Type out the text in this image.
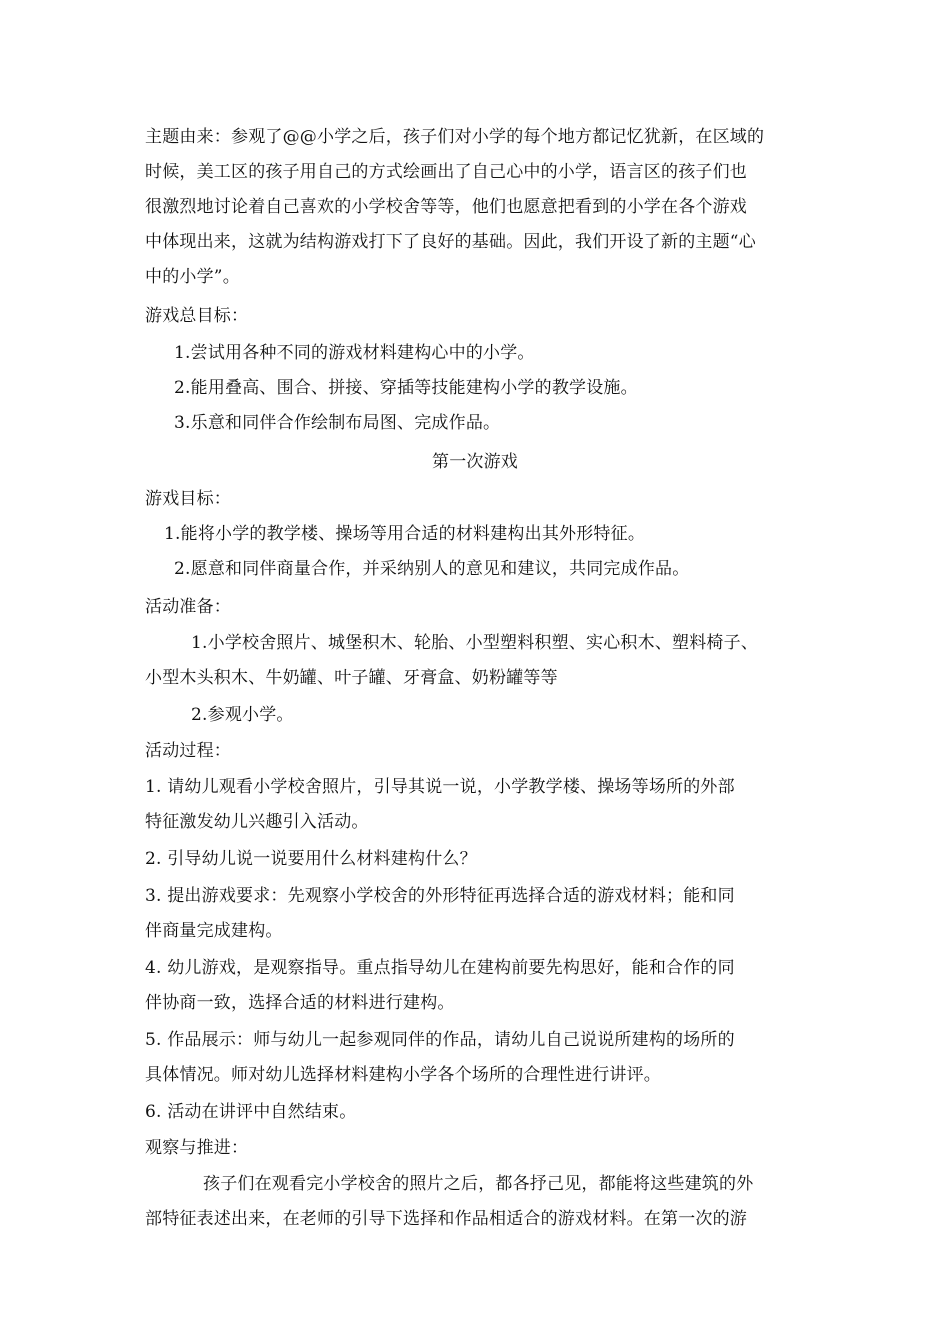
主题由来：参观了@@小学之后，孩子们对小学的每个地方都记忆犹新，在区域的
时候，美工区的孩子用自己的方式绘画出了自己心中的小学，语言区的孩子们也
很激烈地讨论着自己喜欢的小学校舍等等，他们也愿意把看到的小学在各个游戏
中体现出来，这就为结构游戏打下了良好的基础。因此，我们开设了新的主题“心
中的小学”。
游戏总目标：
1.尝试用各种不同的游戏材料建构心中的小学。
2.能用叠高、围合、拼接、穿插等技能建构小学的教学设施。
3.乐意和同伴合作绘制布局图、完成作品。
第一次游戏
游戏目标：
1.能将小学的教学楼、操场等用合适的材料建构出其外形特征。
2.愿意和同伴商量合作，并采纳别人的意见和建议，共同完成作品。
活动准备：
1.小学校舍照片、城堡积木、轮胎、小型塑料积塑、实心积木、塑料椅子、
小型木头积木、牛奶罐、叶子罐、牙膏盒、奶粉罐等等
2.参观小学。
活动过程：
1. 请幼儿观看小学校舍照片，引导其说一说，小学教学楼、操场等场所的外部
特征激发幼儿兴趣引入活动。
2. 引导幼儿说一说要用什么材料建构什么？
3. 提出游戏要求：先观察小学校舍的外形特征再选择合适的游戏材料；能和同
伴商量完成建构。
4. 幼儿游戏，是观察指导。重点指导幼儿在建构前要先构思好，能和合作的同
伴协商一致，选择合适的材料进行建构。
5. 作品展示：师与幼儿一起参观同伴的作品，请幼儿自己说说所建构的场所的
具体情况。师对幼儿选择材料建构小学各个场所的合理性进行讲评。
6. 活动在讲评中自然结束。
观察与推进：
孩子们在观看完小学校舍的照片之后，都各抒己见，都能将这些建筑的外
部特征表述出来，在老师的引导下选择和作品相适合的游戏材料。在第一次的游
